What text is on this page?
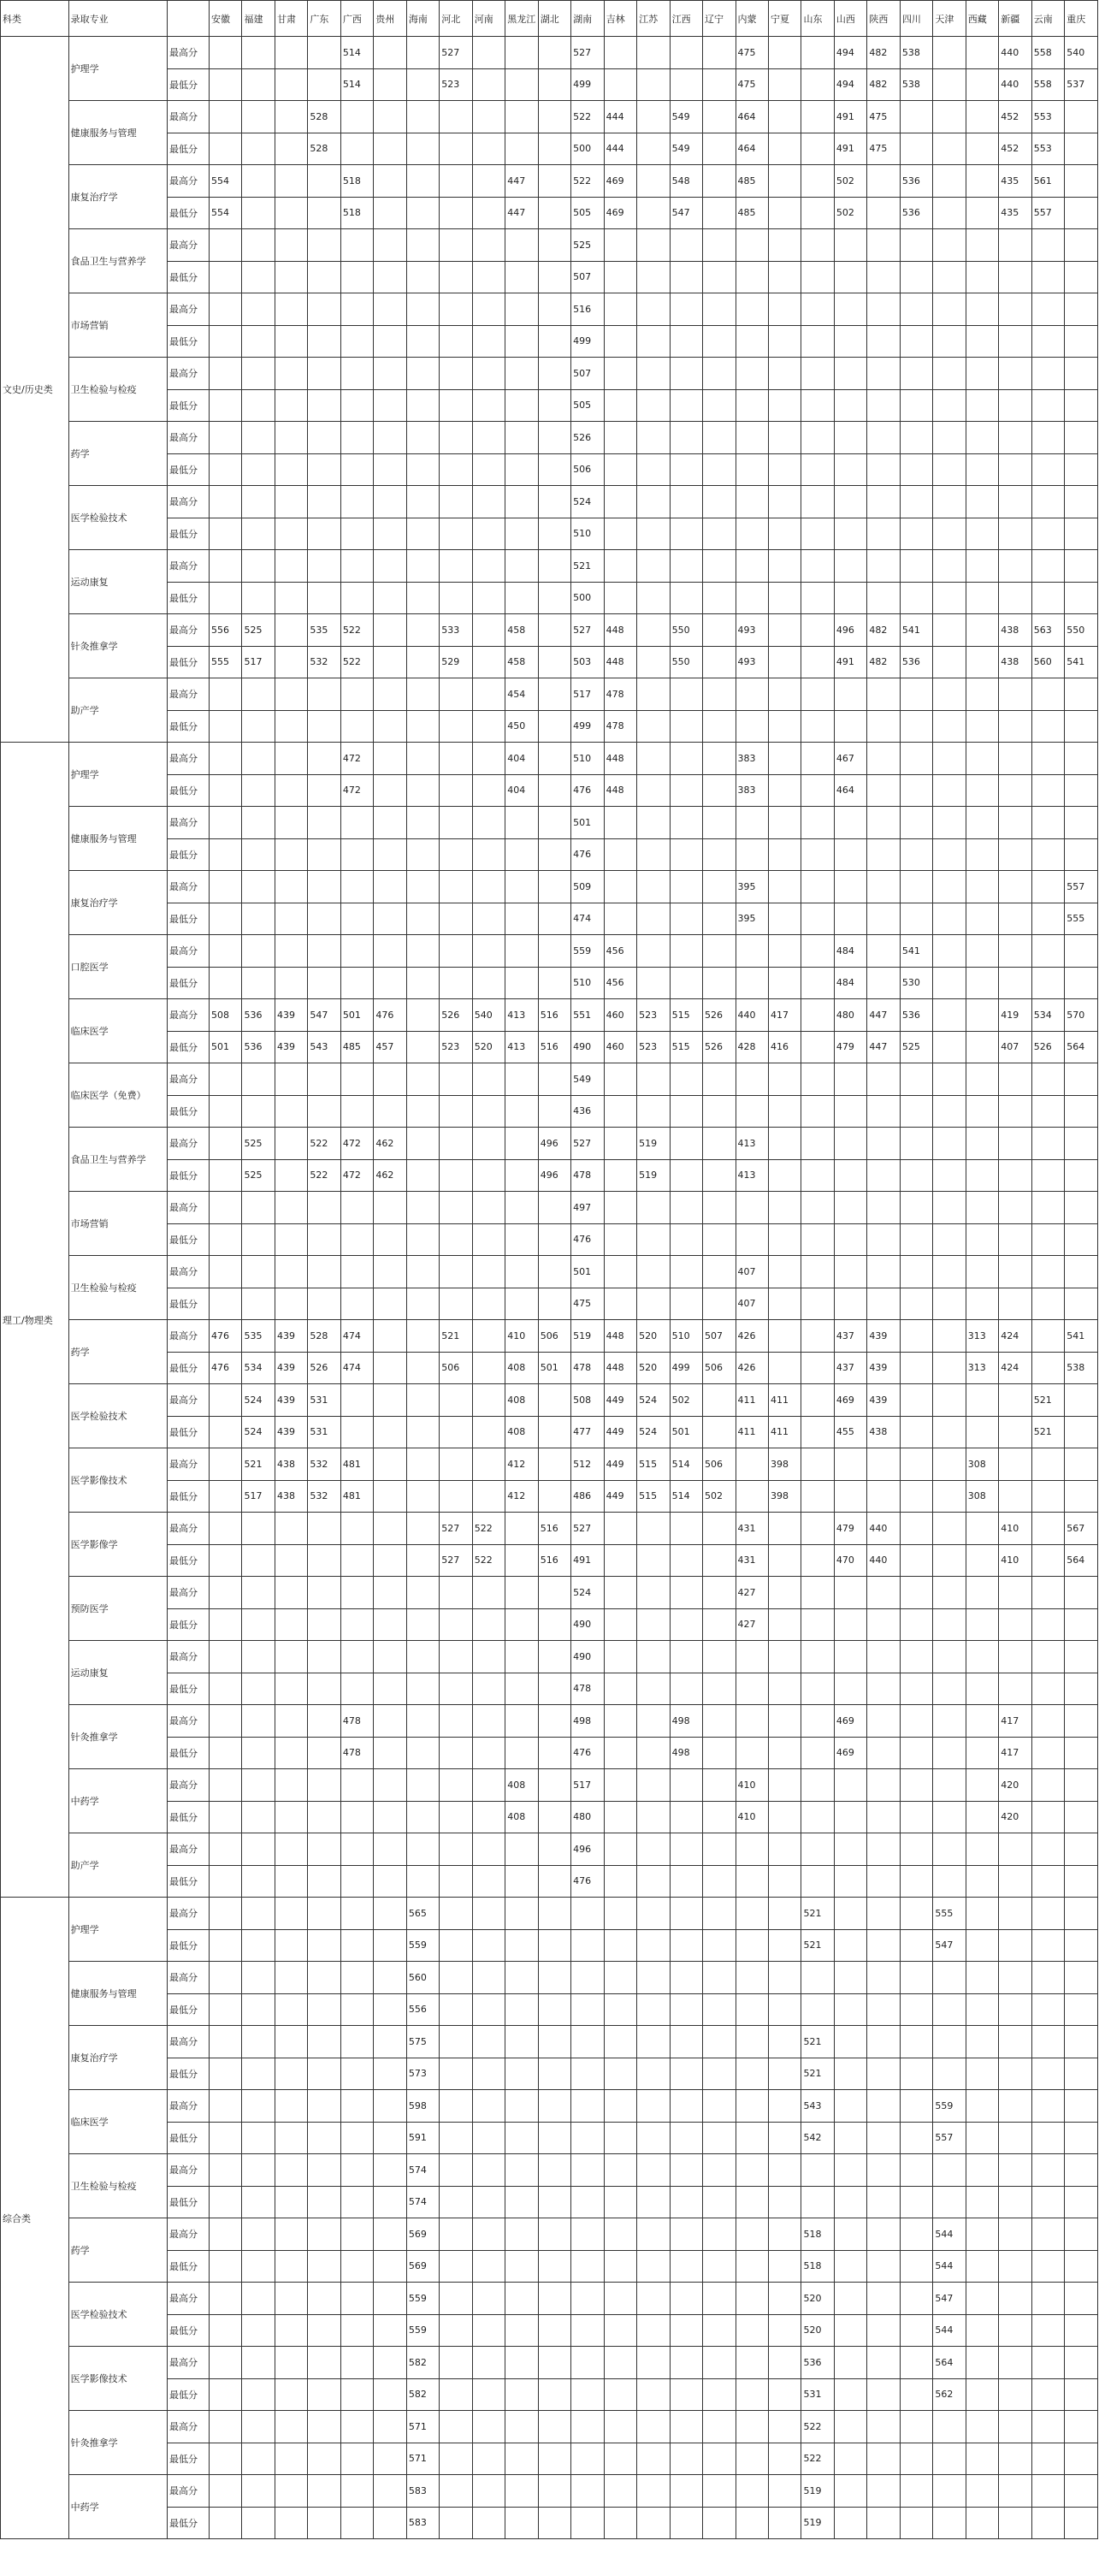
科类	录取专业		安徽	福建	甘肃	广东	广西	贵州	海南	河北	河南	黑龙江	湖北	湖南	吉林	江苏	江西	辽宁	内蒙	宁夏	山东	山西	陕西	四川	天津	西藏	新疆	云南	重庆
文史/历史类	护理学	最高分					514			527				527					475			494	482	538			440	558	540
		最低分					514			523				499					475			494	482	538			440	558	537
	健康服务与管理	最高分				528								522	444		549		464			491	475				452	553	
		最低分				528								500	444		549		464			491	475				452	553	
	康复治疗学	最高分	554				518					447		522	469		548		485			502		536			435	561	
		最低分	554				518					447		505	469		547		485			502		536			435	557	
	食品卫生与营养学	最高分												525															
		最低分												507															
	市场营销	最高分												516															
		最低分												499															
	卫生检验与检疫	最高分												507															
		最低分												505															
	药学	最高分												526															
		最低分												506															
	医学检验技术	最高分												524															
		最低分												510															
	运动康复	最高分												521															
		最低分												500															
	针灸推拿学	最高分	556	525		535	522			533		458		527	448		550		493			496	482	541			438	563	550
		最低分	555	517		532	522			529		458		503	448		550		493			491	482	536			438	560	541
	助产学	最高分										454		517	478														
		最低分										450		499	478														
理工/物理类	护理学	最高分					472					404		510	448				383			467							
		最低分					472					404		476	448				383			464							
	健康服务与管理	最高分												501															
		最低分												476															
	康复治疗学	最高分												509					395										557
		最低分												474					395										555
	口腔医学	最高分												559	456							484		541					
		最低分												510	456							484		530					
	临床医学	最高分	508	536	439	547	501	476		526	540	413	516	551	460	523	515	526	440	417		480	447	536			419	534	570
		最低分	501	536	439	543	485	457		523	520	413	516	490	460	523	515	526	428	416		479	447	525			407	526	564
	临床医学（免费）	最高分												549															
		最低分												436															
	食品卫生与营养学	最高分		525		522	472	462					496	527		519			413										
		最低分		525		522	472	462					496	478		519			413										
	市场营销	最高分												497															
		最低分												476															
	卫生检验与检疫	最高分												501					407										
		最低分												475					407										
	药学	最高分	476	535	439	528	474			521		410	506	519	448	520	510	507	426			437	439			313	424		541
		最低分	476	534	439	526	474			506		408	501	478	448	520	499	506	426			437	439			313	424		538
	医学检验技术	最高分		524	439	531						408		508	449	524	502		411	411		469	439					521	
		最低分		524	439	531						408		477	449	524	501		411	411		455	438					521	
	医学影像技术	最高分		521	438	532	481					412		512	449	515	514	506		398						308			
		最低分		517	438	532	481					412		486	449	515	514	502		398						308			
	医学影像学	最高分								527	522		516	527					431			479	440				410		567
		最低分								527	522		516	491					431			470	440				410		564
	预防医学	最高分												524					427										
		最低分												490					427										
	运动康复	最高分												490															
		最低分												478															
	针灸推拿学	最高分					478							498			498					469					417		
		最低分					478							476			498					469					417		
	中药学	最高分										408		517					410								420		
		最低分										408		480					410								420		
	助产学	最高分												496															
		最低分												476															
综合类	护理学	最高分							565												521				555				
		最低分							559												521				547				
	健康服务与管理	最高分							560																				
		最低分							556																				
	康复治疗学	最高分							575												521								
		最低分							573												521								
	临床医学	最高分							598												543				559				
		最低分							591												542				557				
	卫生检验与检疫	最高分							574																				
		最低分							574																				
	药学	最高分							569												518				544				
		最低分							569												518				544				
	医学检验技术	最高分							559												520				547				
		最低分							559												520				544				
	医学影像技术	最高分							582												536				564				
		最低分							582												531				562				
	针灸推拿学	最高分							571												522								
		最低分							571												522								
	中药学	最高分							583												519								
		最低分							583												519								
